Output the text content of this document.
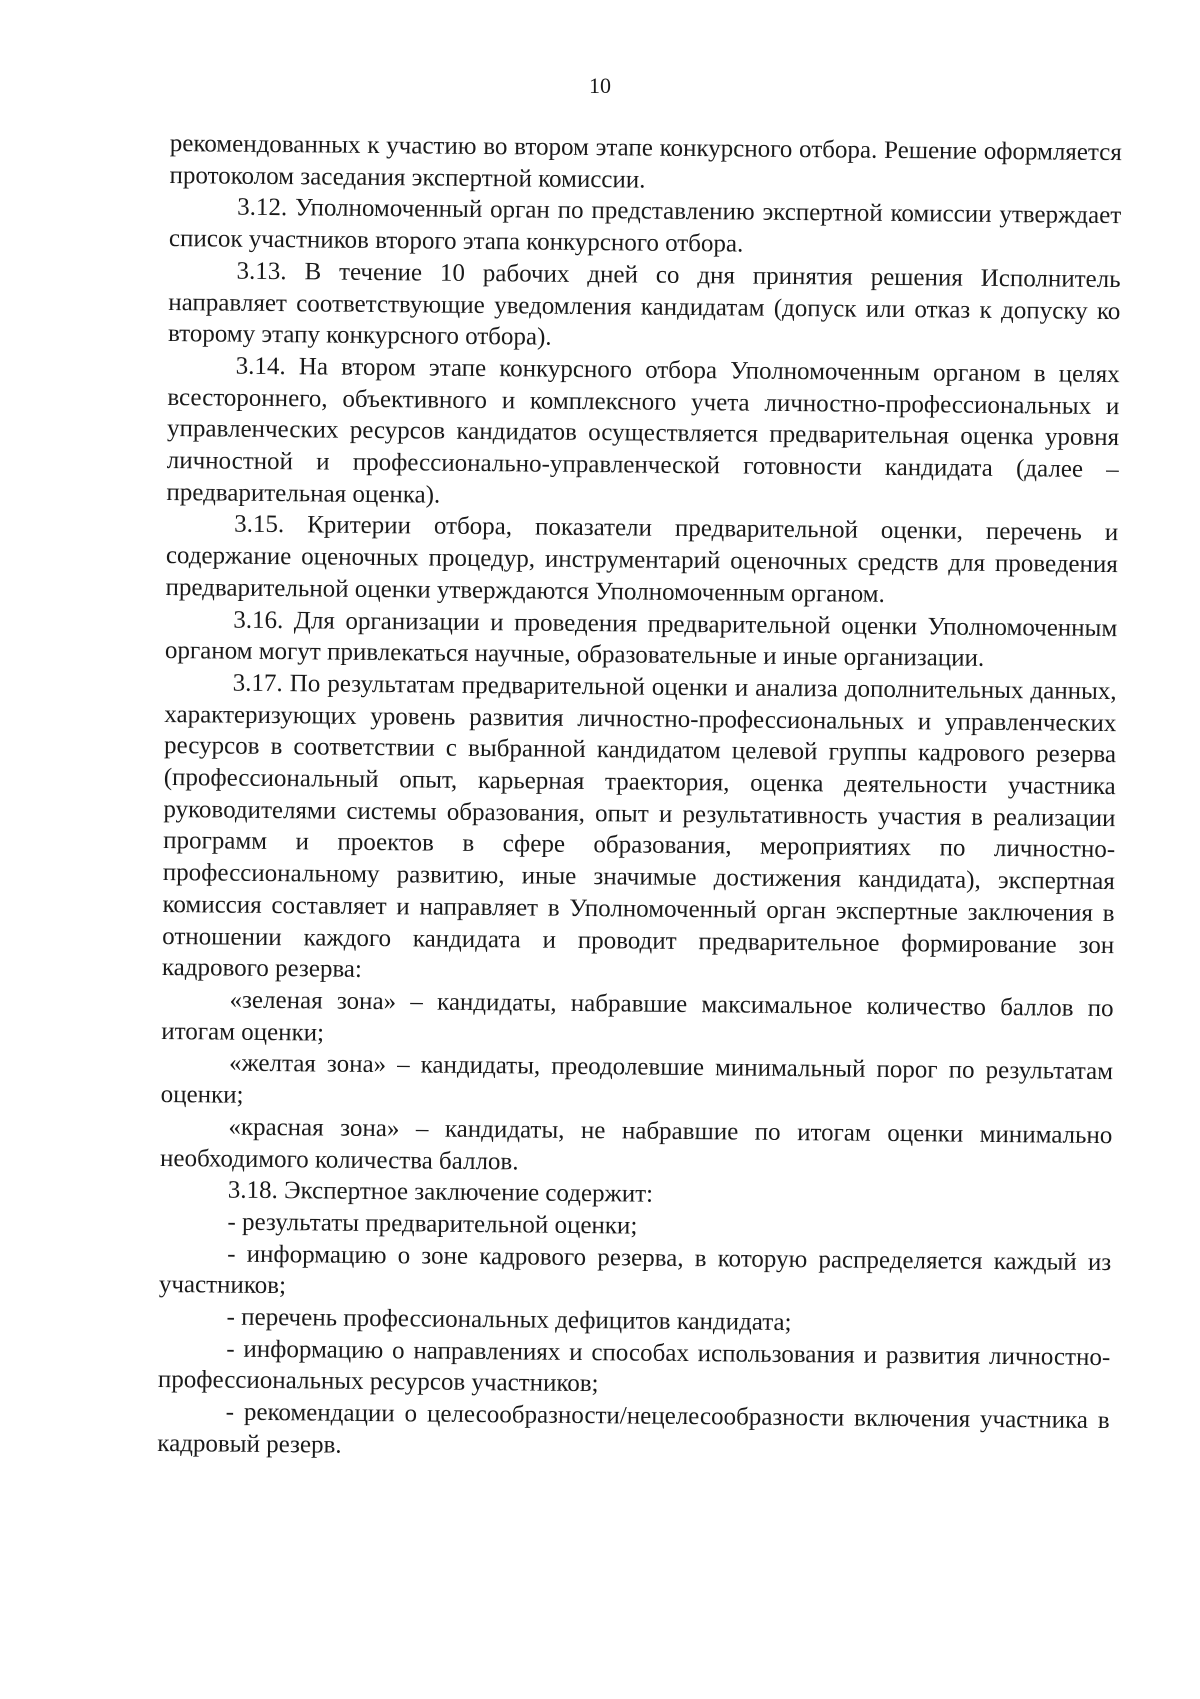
10

рекомендованных к участию во втором этапе конкурсного отбора. Решение оформляется протоколом заседания экспертной комиссии.

3.12. Уполномоченный орган по представлению экспертной комиссии утверждает список участников второго этапа конкурсного отбора.

3.13. В течение 10 рабочих дней со дня принятия решения Исполнитель направляет соответствующие уведомления кандидатам (допуск или отказ к допуску ко второму этапу конкурсного отбора).

3.14. На втором этапе конкурсного отбора Уполномоченным органом в целях всестороннего, объективного и комплексного учета личностно-профессиональных и управленческих ресурсов кандидатов осуществляется предварительная оценка уровня личностной и профессионально-управленческой готовности кандидата (далее – предварительная оценка).

3.15. Критерии отбора, показатели предварительной оценки, перечень и содержание оценочных процедур, инструментарий оценочных средств для проведения предварительной оценки утверждаются Уполномоченным органом.

3.16. Для организации и проведения предварительной оценки Уполномоченным органом могут привлекаться научные, образовательные и иные организации.

3.17. По результатам предварительной оценки и анализа дополнительных данных, характеризующих уровень развития личностно-профессиональных и управленческих ресурсов в соответствии с выбранной кандидатом целевой группы кадрового резерва (профессиональный опыт, карьерная траектория, оценка деятельности участника руководителями системы образования, опыт и результативность участия в реализации программ и проектов в сфере образования, мероприятиях по личностно-профессиональному развитию, иные значимые достижения кандидата), экспертная комиссия составляет и направляет в Уполномоченный орган экспертные заключения в отношении каждого кандидата и проводит предварительное формирование зон кадрового резерва:

«зеленая зона» – кандидаты, набравшие максимальное количество баллов по итогам оценки;

«желтая зона» – кандидаты, преодолевшие минимальный порог по результатам оценки;

«красная зона» – кандидаты, не набравшие по итогам оценки минимально необходимого количества баллов.

3.18. Экспертное заключение содержит:

- результаты предварительной оценки;

- информацию о зоне кадрового резерва, в которую распределяется каждый из участников;

- перечень профессиональных дефицитов кандидата;

- информацию о направлениях и способах использования и развития личностно-профессиональных ресурсов участников;

- рекомендации о целесообразности/нецелесообразности включения участника в кадровый резерв.
